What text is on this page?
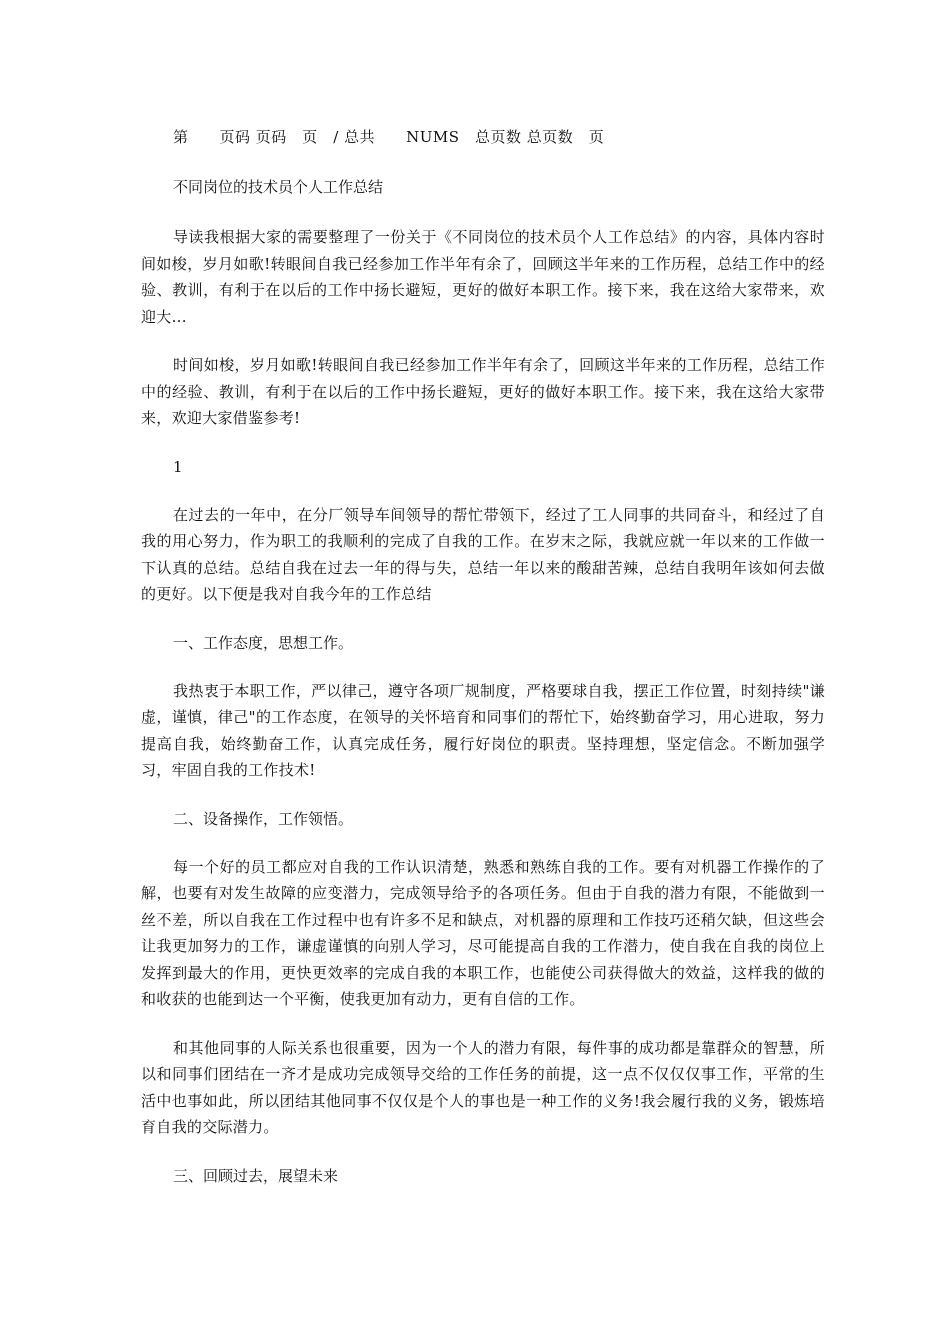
第　　页码 页码　页　/ 总共　　NUMS　总页数 总页数　页
不同岗位的技术员个人工作总结

导读我根据大家的需要整理了一份关于《不同岗位的技术员个人工作总结》的内容，具体内容时间如梭，岁月如歌!转眼间自我已经参加工作半年有余了，回顾这半年来的工作历程，总结工作中的经验、教训，有利于在以后的工作中扬长避短，更好的做好本职工作。接下来，我在这给大家带来，欢迎大...

时间如梭，岁月如歌!转眼间自我已经参加工作半年有余了，回顾这半年来的工作历程，总结工作中的经验、教训，有利于在以后的工作中扬长避短，更好的做好本职工作。接下来，我在这给大家带来，欢迎大家借鉴参考!

1

在过去的一年中，在分厂领导车间领导的帮忙带领下，经过了工人同事的共同奋斗，和经过了自我的用心努力，作为职工的我顺利的完成了自我的工作。在岁末之际，我就应就一年以来的工作做一下认真的总结。总结自我在过去一年的得与失，总结一年以来的酸甜苦辣，总结自我明年该如何去做的更好。以下便是我对自我今年的工作总结

一、工作态度，思想工作。

我热衷于本职工作，严以律己，遵守各项厂规制度，严格要球自我，摆正工作位置，时刻持续"谦虚，谨慎，律己"的工作态度，在领导的关怀培育和同事们的帮忙下，始终勤奋学习，用心进取，努力提高自我，始终勤奋工作，认真完成任务，履行好岗位的职责。坚持理想，坚定信念。不断加强学习，牢固自我的工作技术!

二、设备操作，工作领悟。

每一个好的员工都应对自我的工作认识清楚，熟悉和熟练自我的工作。要有对机器工作操作的了解，也要有对发生故障的应变潜力，完成领导给予的各项任务。但由于自我的潜力有限，不能做到一丝不差，所以自我在工作过程中也有许多不足和缺点，对机器的原理和工作技巧还稍欠缺，但这些会让我更加努力的工作，谦虚谨慎的向别人学习，尽可能提高自我的工作潜力，使自我在自我的岗位上发挥到最大的作用，更快更效率的完成自我的本职工作，也能使公司获得做大的效益，这样我的做的和收获的也能到达一个平衡，使我更加有动力，更有自信的工作。

和其他同事的人际关系也很重要，因为一个人的潜力有限，每件事的成功都是靠群众的智慧，所以和同事们团结在一齐才是成功完成领导交给的工作任务的前提，这一点不仅仅仅事工作，平常的生活中也事如此，所以团结其他同事不仅仅是个人的事也是一种工作的义务!我会履行我的义务，锻炼培育自我的交际潜力。

三、回顾过去，展望未来
